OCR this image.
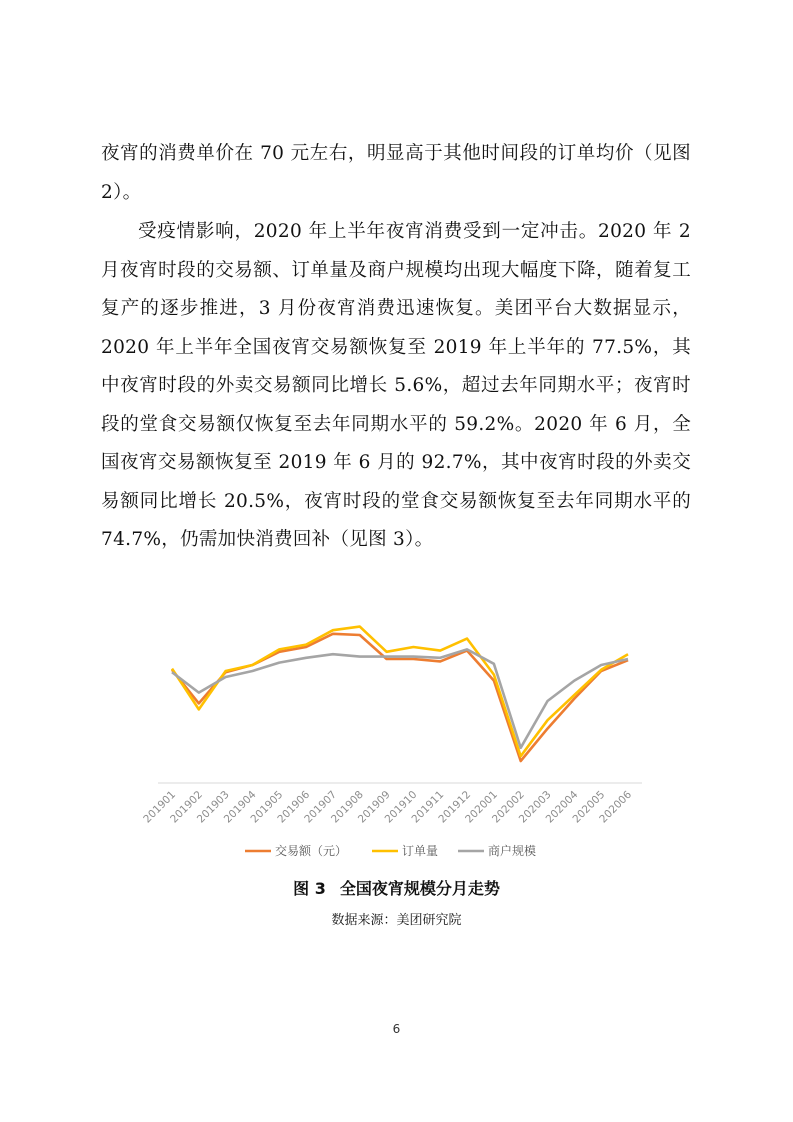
夜宵的消费单价在 70 元左右，明显高于其他时间段的订单均价（见图 2）。

受疫情影响，2020 年上半年夜宵消费受到一定冲击。2020 年 2 月夜宵时段的交易额、订单量及商户规模均出现大幅度下降，随着复工复产的逐步推进，3 月份夜宵消费迅速恢复。美团平台大数据显示，2020 年上半年全国夜宵交易额恢复至 2019 年上半年的 77.5%，其中夜宵时段的外卖交易额同比增长 5.6%，超过去年同期水平；夜宵时段的堂食交易额仅恢复至去年同期水平的 59.2%。2020 年 6 月，全国夜宵交易额恢复至 2019 年 6 月的 92.7%，其中夜宵时段的外卖交易额同比增长 20.5%，夜宵时段的堂食交易额恢复至去年同期水平的 74.7%，仍需加快消费回补（见图 3）。

201901
201902
201903
201904
201905
201906
201907
201908
201909
201910
201911
201912
202001
202002
202003
202004
202005
202006
交易额（元）	订单量	商户规模
图 3 全国夜宵规模分月走势
数据来源：美团研究院
6
